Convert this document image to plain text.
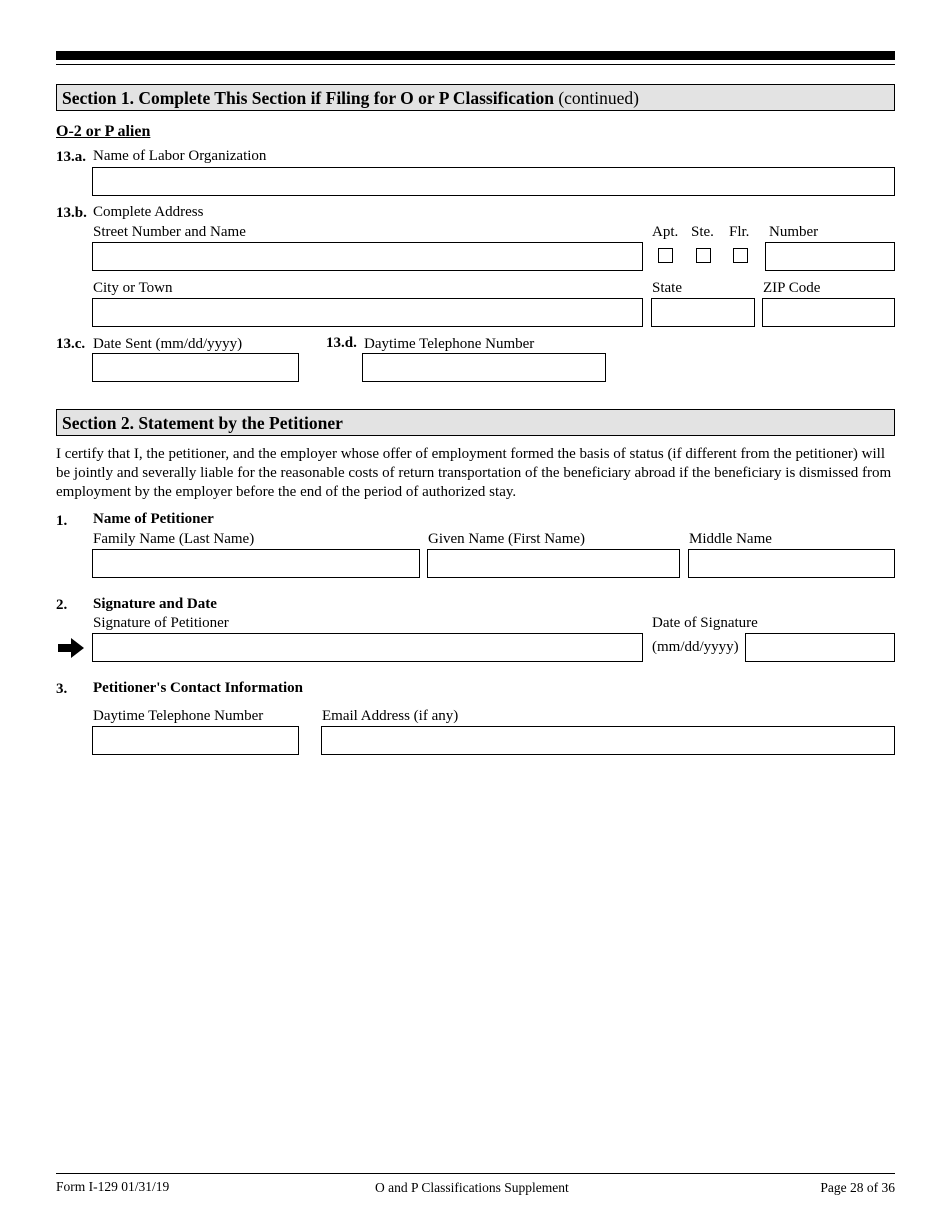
Section 1. Complete This Section if Filing for O or P Classification (continued)
O-2 or P alien
13.a. Name of Labor Organization
13.b. Complete Address
Street Number and Name	Apt. Ste. Flr. Number
City or Town	State	ZIP Code
13.c. Date Sent (mm/dd/yyyy)	13.d. Daytime Telephone Number
Section 2. Statement by the Petitioner
I certify that I, the petitioner, and the employer whose offer of employment formed the basis of status (if different from the petitioner) will be jointly and severally liable for the reasonable costs of return transportation of the beneficiary abroad if the beneficiary is dismissed from employment by the employer before the end of the period of authorized stay.
1. Name of Petitioner
Family Name (Last Name)	Given Name (First Name)	Middle Name
2. Signature and Date
Signature of Petitioner	Date of Signature
(mm/dd/yyyy)
3. Petitioner's Contact Information
Daytime Telephone Number	Email Address (if any)
Form I-129 01/31/19	O and P Classifications Supplement	Page 28 of 36
